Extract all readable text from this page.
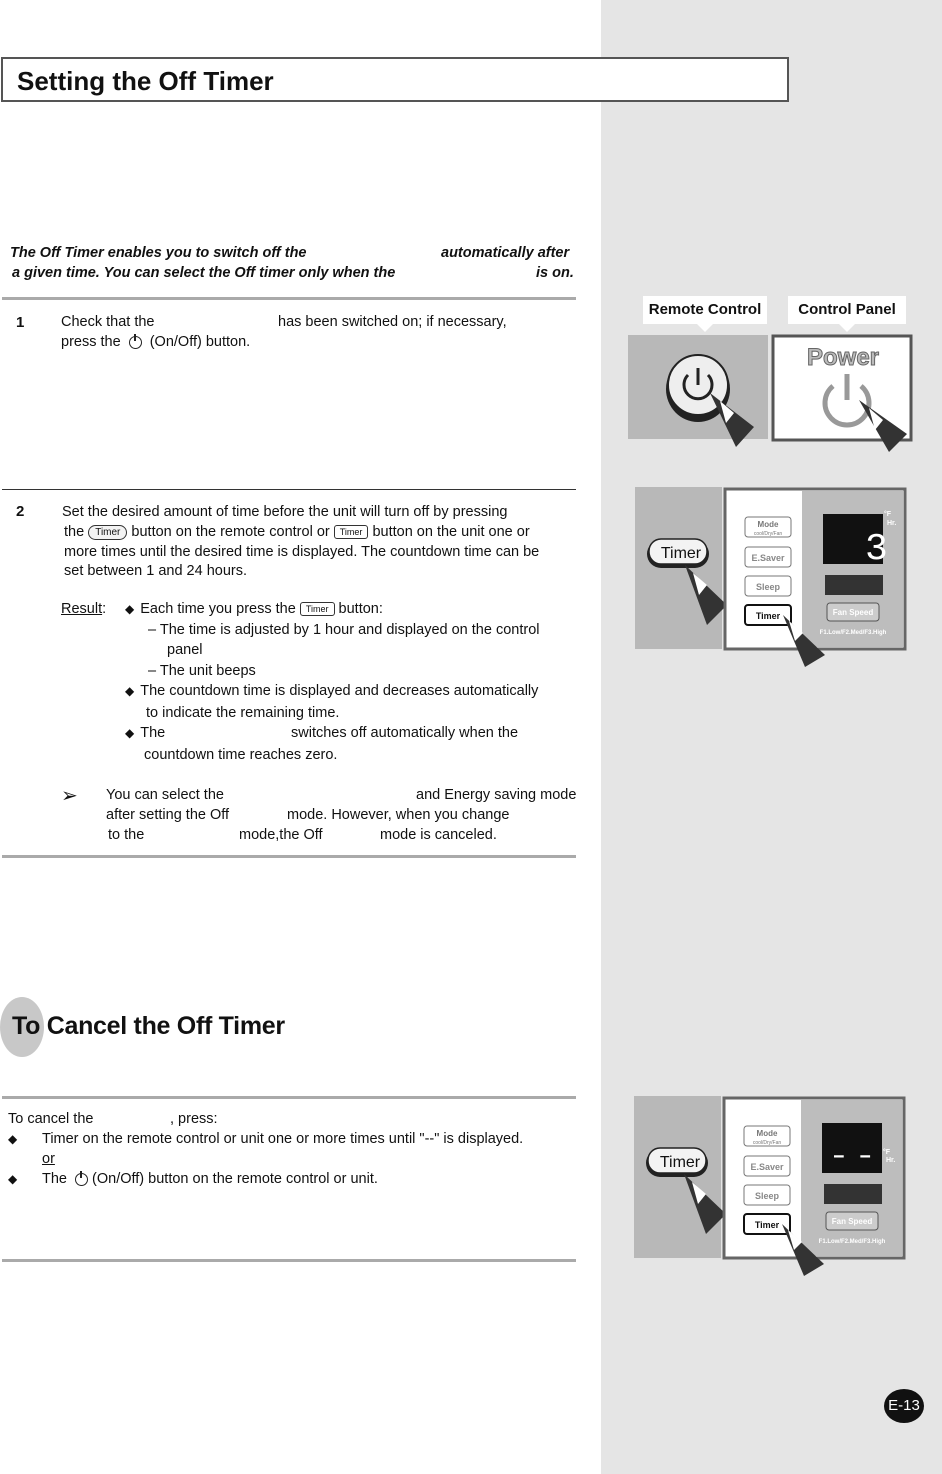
Setting the Off Timer
The Off Timer enables you to switch off the	automatically after
a given time. You can select the Off timer only when the	is on.
1	Check that the	has been switched on; if necessary,
press the (On/Off) button.
2	Set the desired amount of time before the unit will turn off by pressing
the Timer button on the remote control or Timer button on the unit one or
more times until the desired time is displayed. The countdown time can be
set between 1 and 24 hours.
Result: ◆ Each time you press the Timer button:
– The time is adjusted by 1 hour and displayed on the control
panel
– The unit beeps
◆ The countdown time is displayed and decreases automatically
to indicate the remaining time.
◆ The	switches off automatically when the
countdown time reaches zero.
➢ You can select the	and Energy saving mode
after setting the Off	mode. However, when you change
to the	mode,the Off	mode is canceled.
To Cancel the Off Timer
To cancel the	, press:
◆ Timer on the remote control or unit one or more times until "--" is displayed.
or
◆ The (On/Off) button on the remote control or unit.
Remote Control	Control Panel
Power
Timer
Mode
cool/Dry/Fan
E.Saver
Sleep
Timer
3
°F
Hr.
Fan Speed
F1.Low/F2.Med/F3.High
Timer
Mode
cool/Dry/Fan
E.Saver
Sleep
Timer
– – °F
Hr.
Fan Speed
F1.Low/F2.Med/F3.High
E-13
